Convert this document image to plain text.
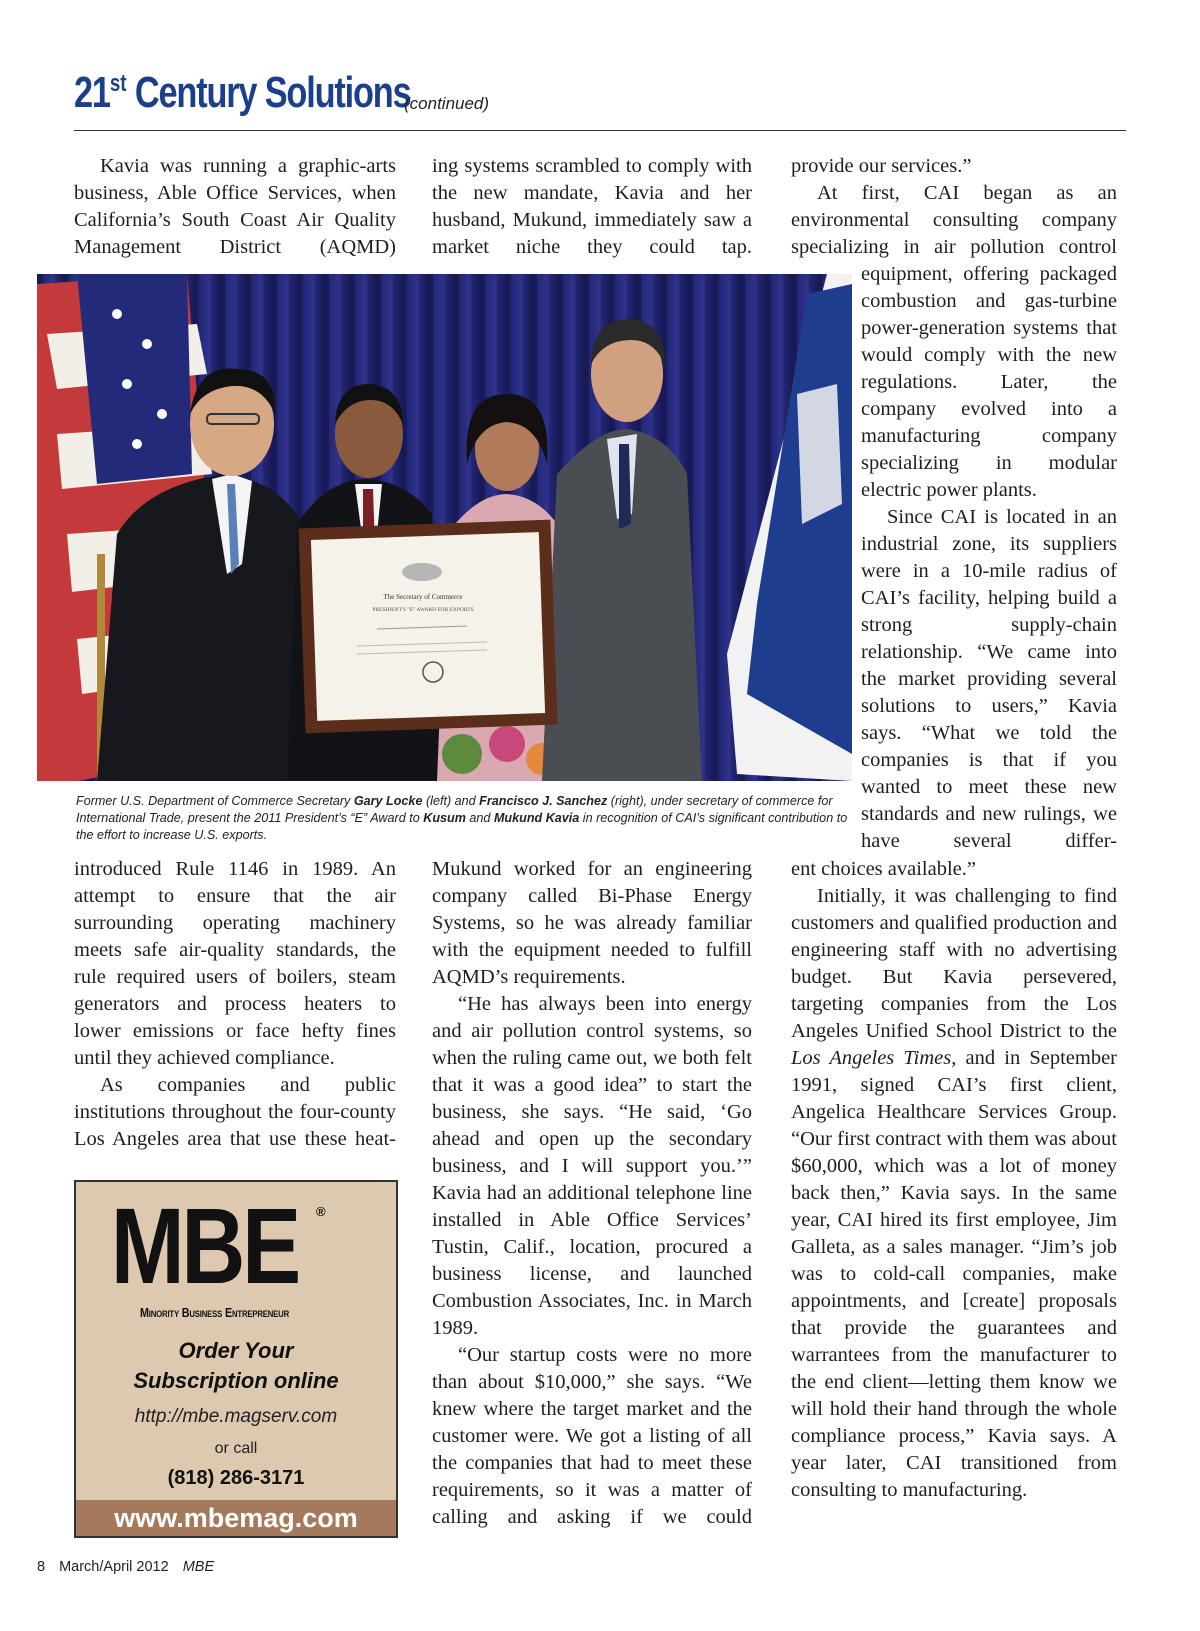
21st Century Solutions
(continued)

Kavia was running a graphic-arts business, Able Office Services, when California’s South Coast Air Quality Management District (AQMD)

ing systems scrambled to comply with the new mandate, Kavia and her husband, Mukund, immediately saw a market niche they could tap.

provide our services.”

At first, CAI began as an environmental consulting company specializing in air pollution control

equipment, offering packaged combustion and gas-turbine power-generation systems that would comply with the new regulations. Later, the company evolved into a manufacturing company specializing in modular electric power plants.

Since CAI is located in an industrial zone, its suppliers were in a 10-mile radius of CAI’s facility, helping build a strong supply-chain relationship. “We came into the market providing several solutions to users,” Kavia says. “What we told the companies is that if you wanted to meet these new standards and new rulings, we have several differ-

The Secretary of Commerce
PRESIDENT'S "E" AWARD FOR EXPORTS
Former U.S. Department of Commerce Secretary Gary Locke (left) and Francisco J. Sanchez (right), under secretary of commerce for International Trade, present the 2011 President’s “E” Award to Kusum and Mukund Kavia in recognition of CAI’s significant contribution to the effort to increase U.S. exports.

introduced Rule 1146 in 1989. An attempt to ensure that the air surrounding operating machinery meets safe air-quality standards, the rule required users of boilers, steam generators and process heaters to lower emissions or face hefty fines until they achieved compliance.

As companies and public institutions throughout the four-county Los Angeles area that use these heat-

Mukund worked for an engineering company called Bi-Phase Energy Systems, so he was already familiar with the equipment needed to fulfill AQMD’s requirements.

“He has always been into energy and air pollution control systems, so when the ruling came out, we both felt that it was a good idea” to start the business, she says. “He said, ‘Go ahead and open up the secondary business, and I will support you.’” Kavia had an additional telephone line installed in Able Office Services’ Tustin, Calif., location, procured a business license, and launched Combustion Associates, Inc. in March 1989.

“Our startup costs were no more than about $10,000,” she says. “We knew where the target market and the customer were. We got a listing of all the companies that had to meet these requirements, so it was a matter of calling and asking if we could

ent choices available.”

Initially, it was challenging to find customers and qualified production and engineering staff with no advertising budget. But Kavia persevered, targeting companies from the Los Angeles Unified School District to the Los Angeles Times, and in September 1991, signed CAI’s first client, Angelica Healthcare Services Group. “Our first contract with them was about $60,000, which was a lot of money back then,” Kavia says. In the same year, CAI hired its first employee, Jim Galleta, as a sales manager. “Jim’s job was to cold-call companies, make appointments, and [create] proposals that provide the guarantees and warrantees from the manufacturer to the end client—letting them know we will hold their hand through the whole compliance process,” Kavia says. A year later, CAI transitioned from consulting to manufacturing.

MBE	®
Minority Business Entrepreneur
Order Your
Subscription online
http://mbe.magserv.com
or call
(818) 286-3171
www.mbemag.com
8 March/April 2012 MBE
